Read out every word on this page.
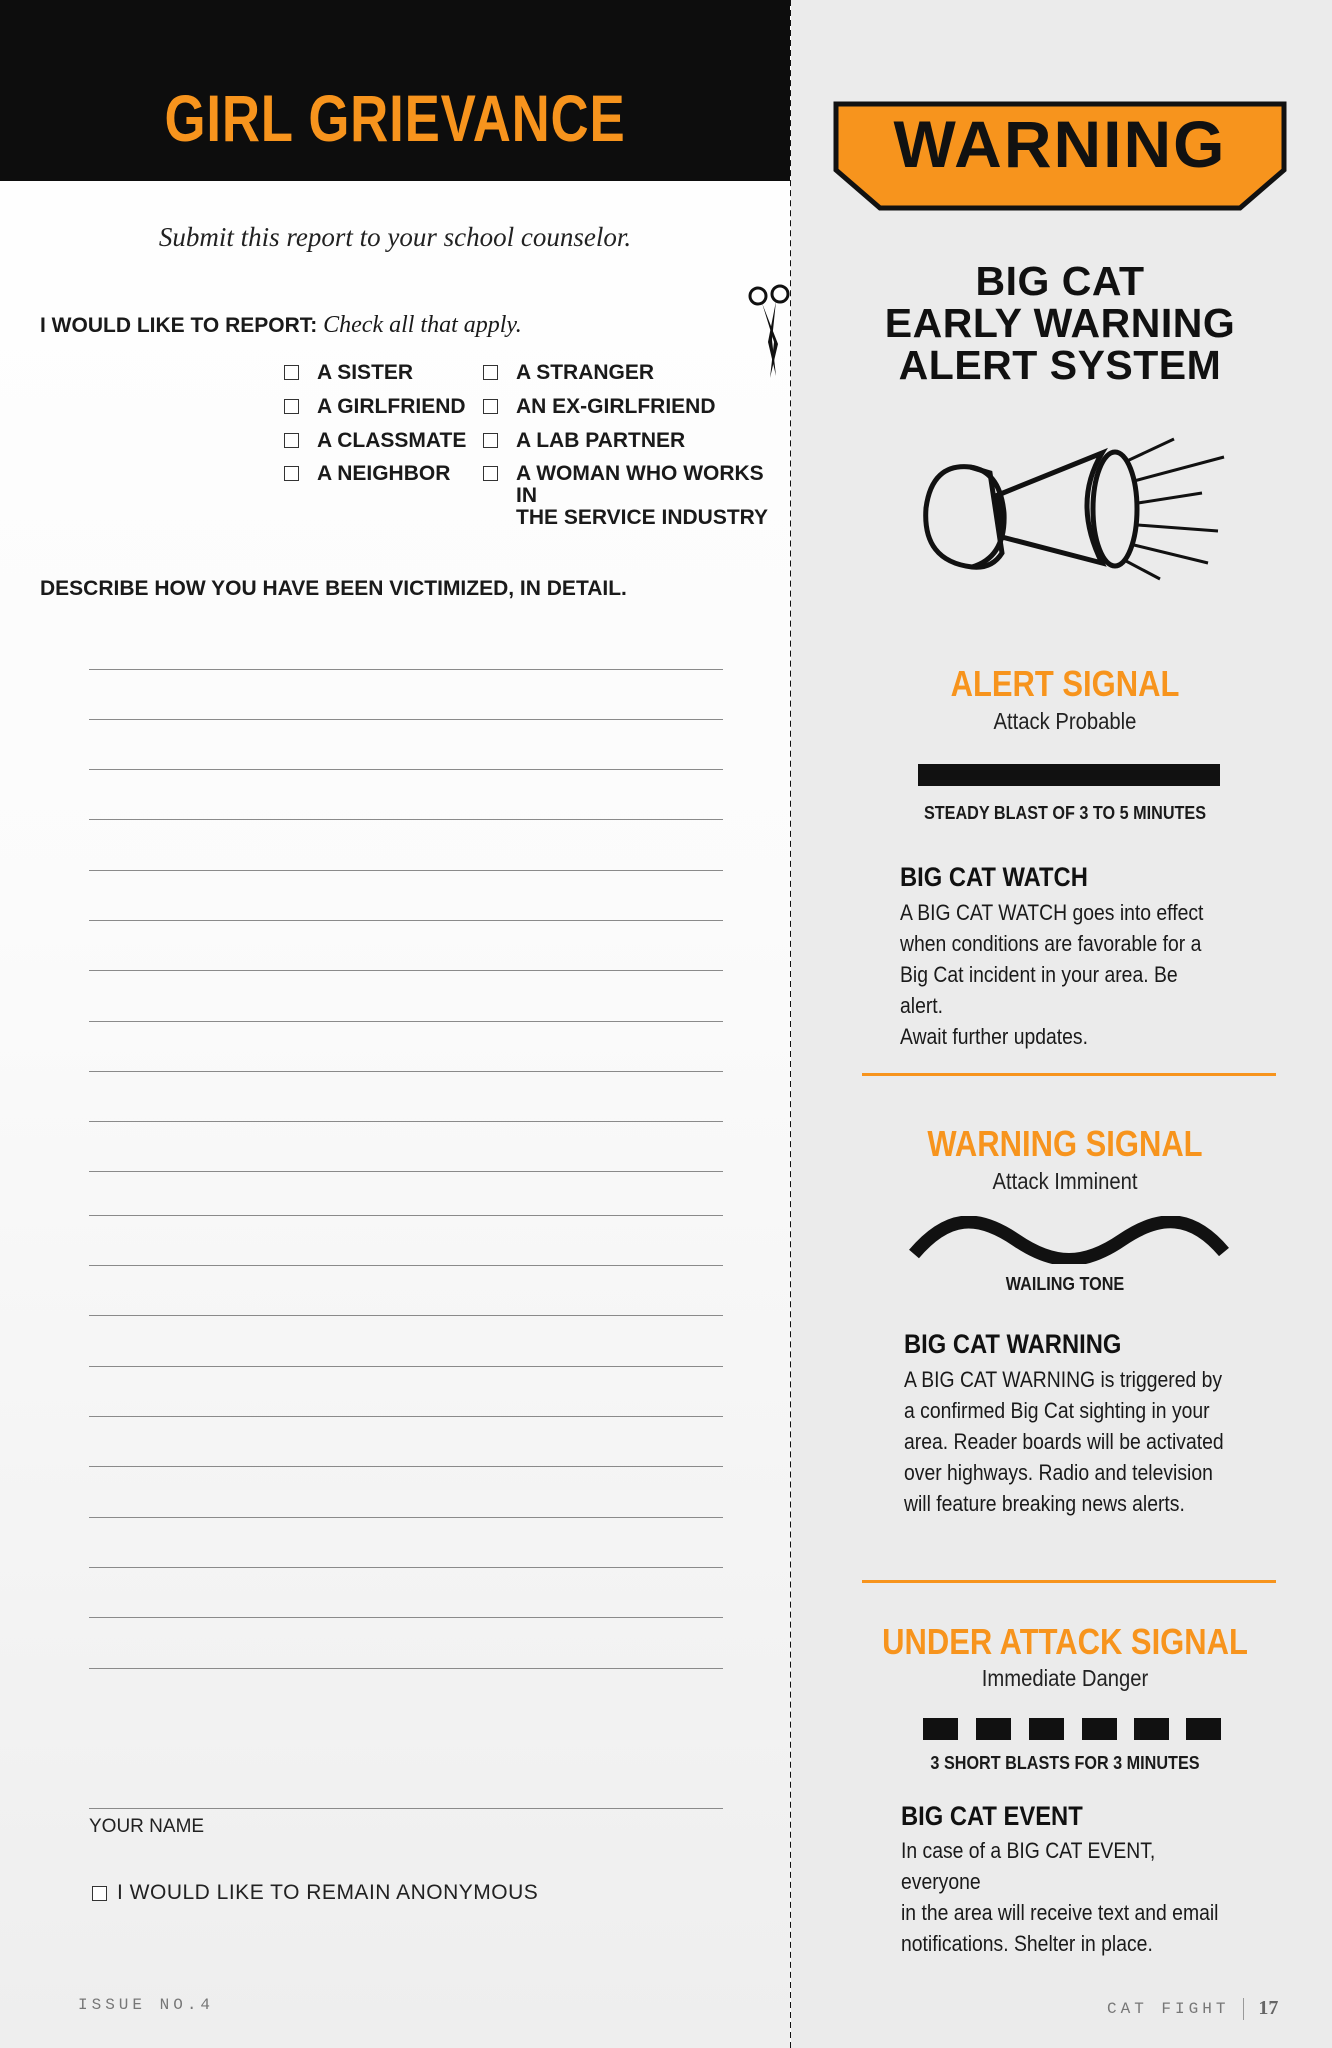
GIRL GRIEVANCE
Submit this report to your school counselor.
I WOULD LIKE TO REPORT: Check all that apply.
A SISTER
A GIRLFRIEND
A CLASSMATE
A NEIGHBOR
A STRANGER
AN EX-GIRLFRIEND
A LAB PARTNER
A WOMAN WHO WORKS IN
THE SERVICE INDUSTRY
DESCRIBE HOW YOU HAVE BEEN VICTIMIZED, IN DETAIL.
YOUR NAME
I WOULD LIKE TO REMAIN ANONYMOUS
ISSUE NO.4
WARNING
BIG CAT
EARLY WARNING
ALERT SYSTEM
ALERT SIGNAL
Attack Probable
STEADY BLAST OF 3 TO 5 MINUTES
BIG CAT WATCH
A BIG CAT WATCH goes into effect
when conditions are favorable for a
Big Cat incident in your area. Be alert.
Await further updates.
WARNING SIGNAL
Attack Imminent
WAILING TONE
BIG CAT WARNING
A BIG CAT WARNING is triggered by
a confirmed Big Cat sighting in your
area. Reader boards will be activated
over highways. Radio and television
will feature breaking news alerts.
UNDER ATTACK SIGNAL
Immediate Danger
3 SHORT BLASTS FOR 3 MINUTES
BIG CAT EVENT
In case of a BIG CAT EVENT, everyone
in the area will receive text and email
notifications. Shelter in place.
CAT FIGHT 17
